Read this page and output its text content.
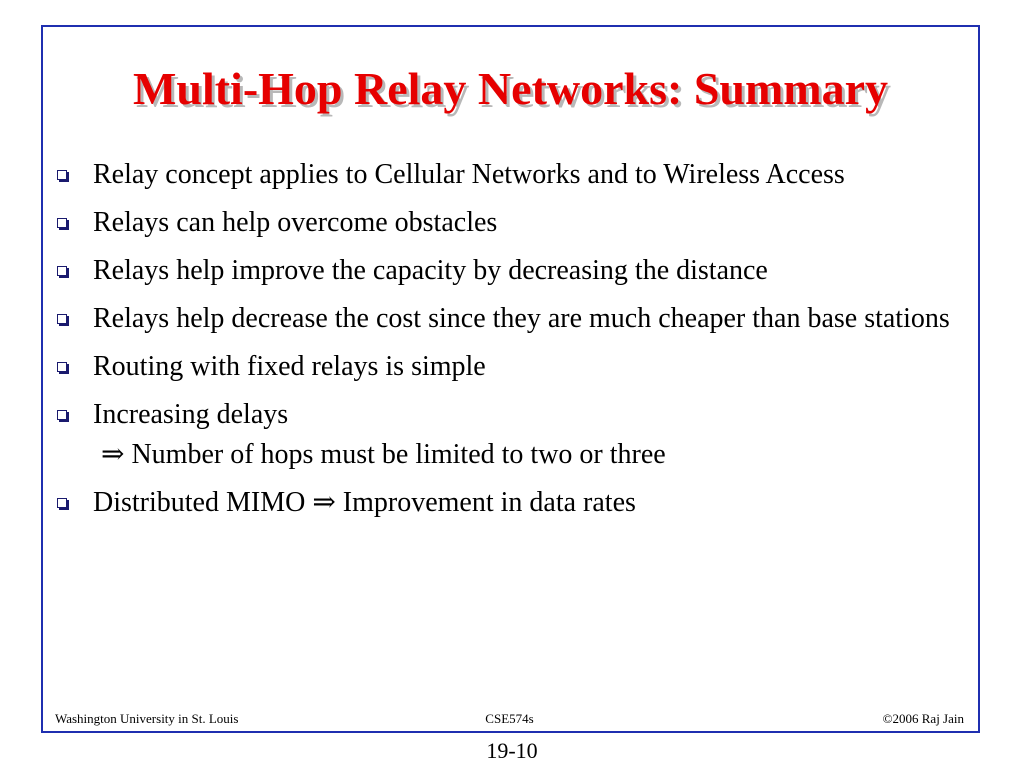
Multi-Hop Relay Networks: Summary
Relay concept applies to Cellular Networks and to Wireless Access
Relays can help overcome obstacles
Relays help improve the capacity by decreasing the distance
Relays help decrease the cost since they are much cheaper than base stations
Routing with fixed relays is simple
Increasing delays
⇒ Number of hops must be limited to two or three
Distributed MIMO ⇒ Improvement in data rates
Washington University in St. Louis	CSE574s	©2006 Raj Jain
19-10
